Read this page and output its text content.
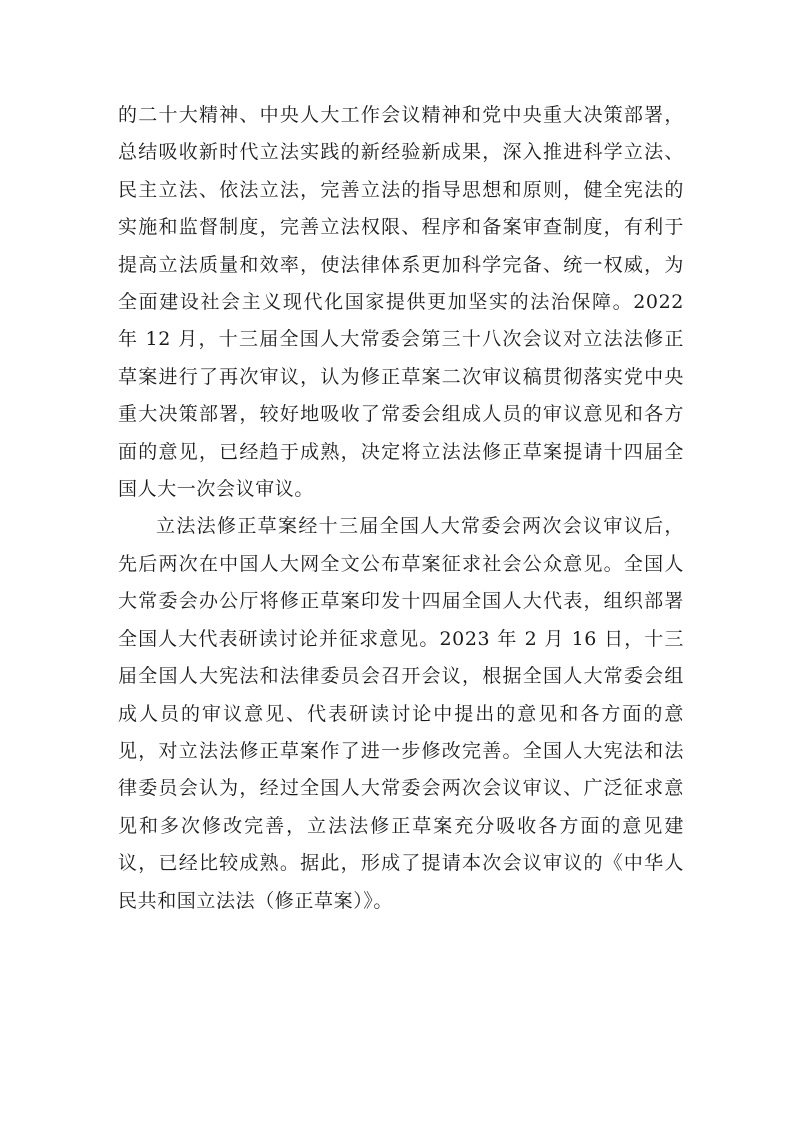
的二十大精神、中央人大工作会议精神和党中央重大决策部署，总结吸收新时代立法实践的新经验新成果，深入推进科学立法、民主立法、依法立法，完善立法的指导思想和原则，健全宪法的实施和监督制度，完善立法权限、程序和备案审查制度，有利于提高立法质量和效率，使法律体系更加科学完备、统一权威，为全面建设社会主义现代化国家提供更加坚实的法治保障。2022 年 12 月，十三届全国人大常委会第三十八次会议对立法法修正草案进行了再次审议，认为修正草案二次审议稿贯彻落实党中央重大决策部署，较好地吸收了常委会组成人员的审议意见和各方面的意见，已经趋于成熟，决定将立法法修正草案提请十四届全国人大一次会议审议。

立法法修正草案经十三届全国人大常委会两次会议审议后，先后两次在中国人大网全文公布草案征求社会公众意见。全国人大常委会办公厅将修正草案印发十四届全国人大代表，组织部署全国人大代表研读讨论并征求意见。2023 年 2 月 16 日，十三届全国人大宪法和法律委员会召开会议，根据全国人大常委会组成人员的审议意见、代表研读讨论中提出的意见和各方面的意见，对立法法修正草案作了进一步修改完善。全国人大宪法和法律委员会认为，经过全国人大常委会两次会议审议、广泛征求意见和多次修改完善，立法法修正草案充分吸收各方面的意见建议，已经比较成熟。据此，形成了提请本次会议审议的《中华人民共和国立法法（修正草案）》。
